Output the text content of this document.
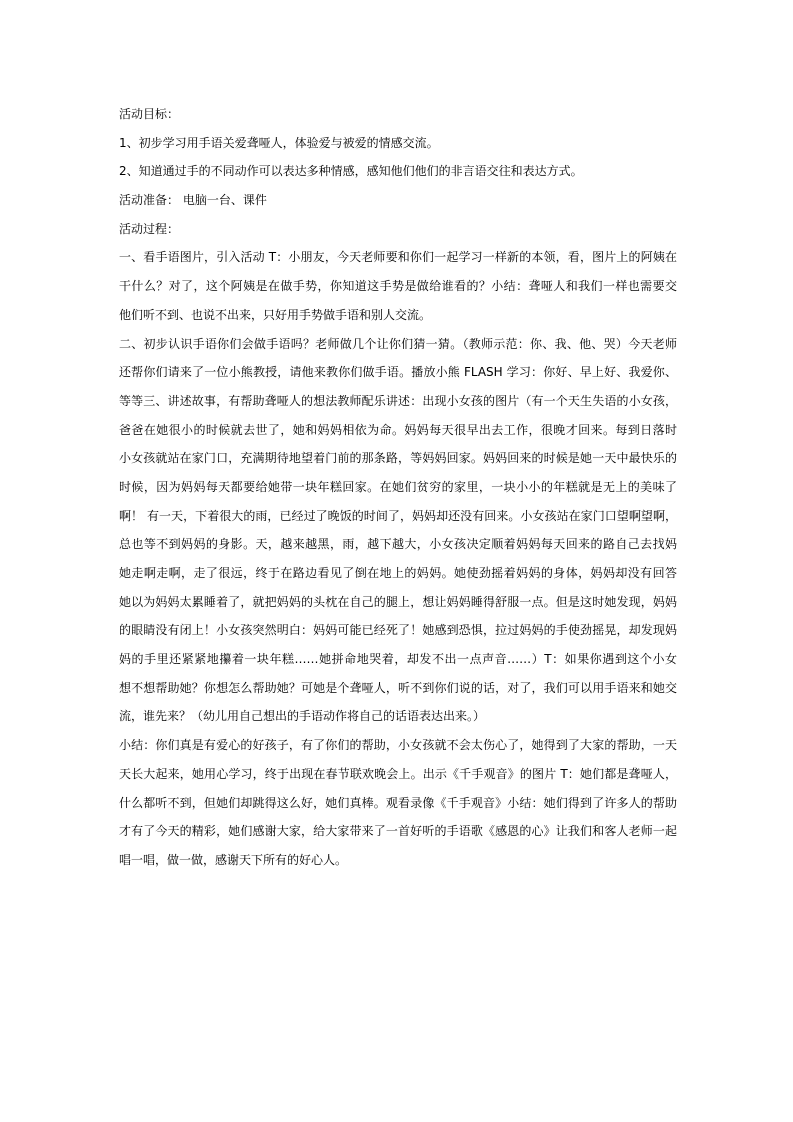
活动目标：

1、初步学习用手语关爱聋哑人，体验爱与被爱的情感交流。

2、知道通过手的不同动作可以表达多种情感，感知他们他们的非言语交往和表达方式。

活动准备： 电脑一台、课件

活动过程：

一、看手语图片，引入活动 T：小朋友，今天老师要和你们一起学习一样新的本领，看，图片上的阿姨在

干什么？对了，这个阿姨是在做手势，你知道这手势是做给谁看的？小结：聋哑人和我们一样也需要交

他们听不到、也说不出来，只好用手势做手语和别人交流。

二、初步认识手语你们会做手语吗？老师做几个让你们猜一猜。（教师示范：你、我、他、哭）今天老师

还帮你们请来了一位小熊教授，请他来教你们做手语。播放小熊 FLASH 学习：你好、早上好、我爱你、

等等三、讲述故事，有帮助聋哑人的想法教师配乐讲述：出现小女孩的图片（有一个天生失语的小女孩，

爸爸在她很小的时候就去世了，她和妈妈相依为命。妈妈每天很早出去工作，很晚才回来。每到日落时

小女孩就站在家门口，充满期待地望着门前的那条路，等妈妈回家。妈妈回来的时候是她一天中最快乐的

时候，因为妈妈每天都要给她带一块年糕回家。在她们贫穷的家里，一块小小的年糕就是无上的美味了

啊！ 有一天，下着很大的雨，已经过了晚饭的时间了，妈妈却还没有回来。小女孩站在家门口望啊望啊，

总也等不到妈妈的身影。天，越来越黑，雨，越下越大，小女孩决定顺着妈妈每天回来的路自己去找妈

她走啊走啊，走了很远，终于在路边看见了倒在地上的妈妈。她使劲摇着妈妈的身体，妈妈却没有回答

她以为妈妈太累睡着了，就把妈妈的头枕在自己的腿上，想让妈妈睡得舒服一点。但是这时她发现，妈妈

的眼睛没有闭上！小女孩突然明白：妈妈可能已经死了！她感到恐惧，拉过妈妈的手使劲摇晃，却发现妈

妈的手里还紧紧地攥着一块年糕……她拼命地哭着，却发不出一点声音……）T：如果你遇到这个小女

想不想帮助她？你想怎么帮助她？可她是个聋哑人，听不到你们说的话，对了，我们可以用手语来和她交

流，谁先来？（幼儿用自己想出的手语动作将自己的话语表达出来。）

小结：你们真是有爱心的好孩子，有了你们的帮助，小女孩就不会太伤心了，她得到了大家的帮助，一天

天长大起来，她用心学习，终于出现在春节联欢晚会上。出示《千手观音》的图片 T：她们都是聋哑人，

什么都听不到，但她们却跳得这么好，她们真棒。观看录像《千手观音》小结：她们得到了许多人的帮助

才有了今天的精彩，她们感谢大家，给大家带来了一首好听的手语歌《感恩的心》让我们和客人老师一起

唱一唱，做一做，感谢天下所有的好心人。
